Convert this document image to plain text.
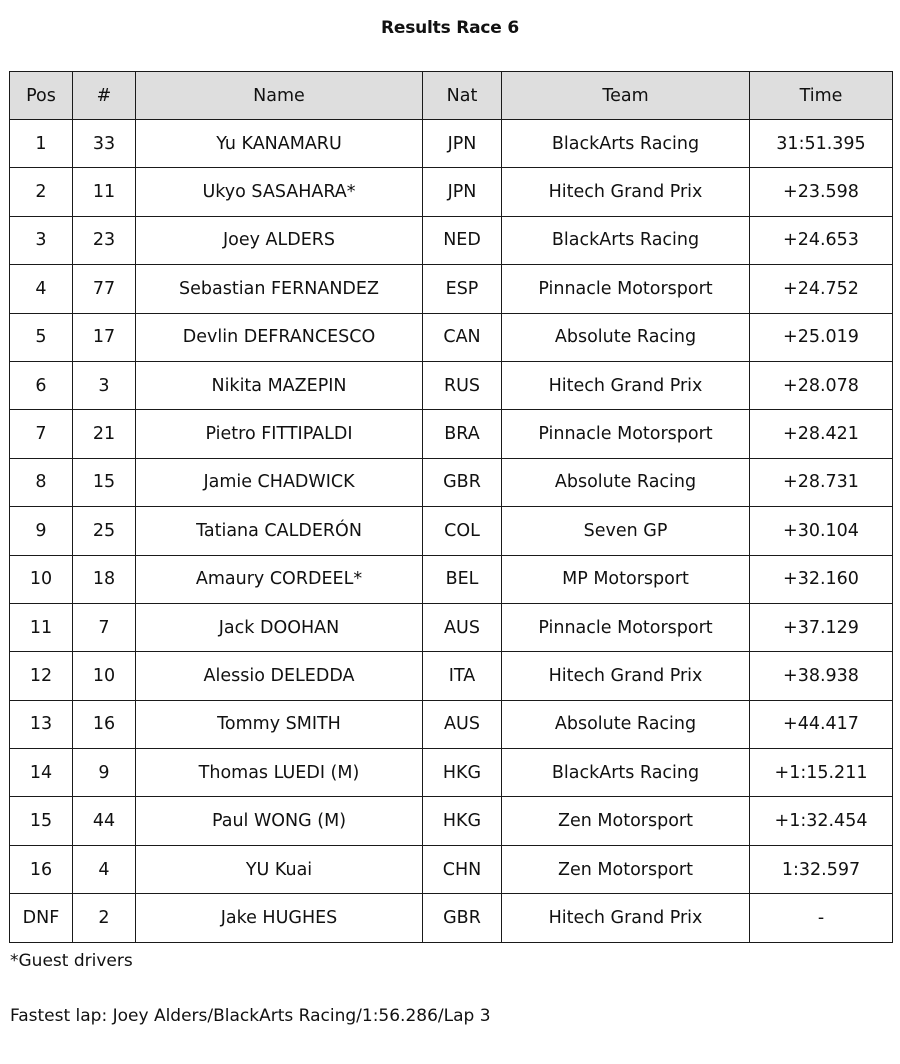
Results Race 6
Pos	#	Name	Nat	Team	Time
1	33	Yu KANAMARU	JPN	BlackArts Racing	31:51.395
2	11	Ukyo SASAHARA*	JPN	Hitech Grand Prix	+23.598
3	23	Joey ALDERS	NED	BlackArts Racing	+24.653
4	77	Sebastian FERNANDEZ	ESP	Pinnacle Motorsport	+24.752
5	17	Devlin DEFRANCESCO	CAN	Absolute Racing	+25.019
6	3	Nikita MAZEPIN	RUS	Hitech Grand Prix	+28.078
7	21	Pietro FITTIPALDI	BRA	Pinnacle Motorsport	+28.421
8	15	Jamie CHADWICK	GBR	Absolute Racing	+28.731
9	25	Tatiana CALDERÓN	COL	Seven GP	+30.104
10	18	Amaury CORDEEL*	BEL	MP Motorsport	+32.160
11	7	Jack DOOHAN	AUS	Pinnacle Motorsport	+37.129
12	10	Alessio DELEDDA	ITA	Hitech Grand Prix	+38.938
13	16	Tommy SMITH	AUS	Absolute Racing	+44.417
14	9	Thomas LUEDI (M)	HKG	BlackArts Racing	+1:15.211
15	44	Paul WONG (M)	HKG	Zen Motorsport	+1:32.454
16	4	YU Kuai	CHN	Zen Motorsport	1:32.597
DNF	2	Jake HUGHES	GBR	Hitech Grand Prix	-
*Guest drivers
Fastest lap: Joey Alders/BlackArts Racing/1:56.286/Lap 3
